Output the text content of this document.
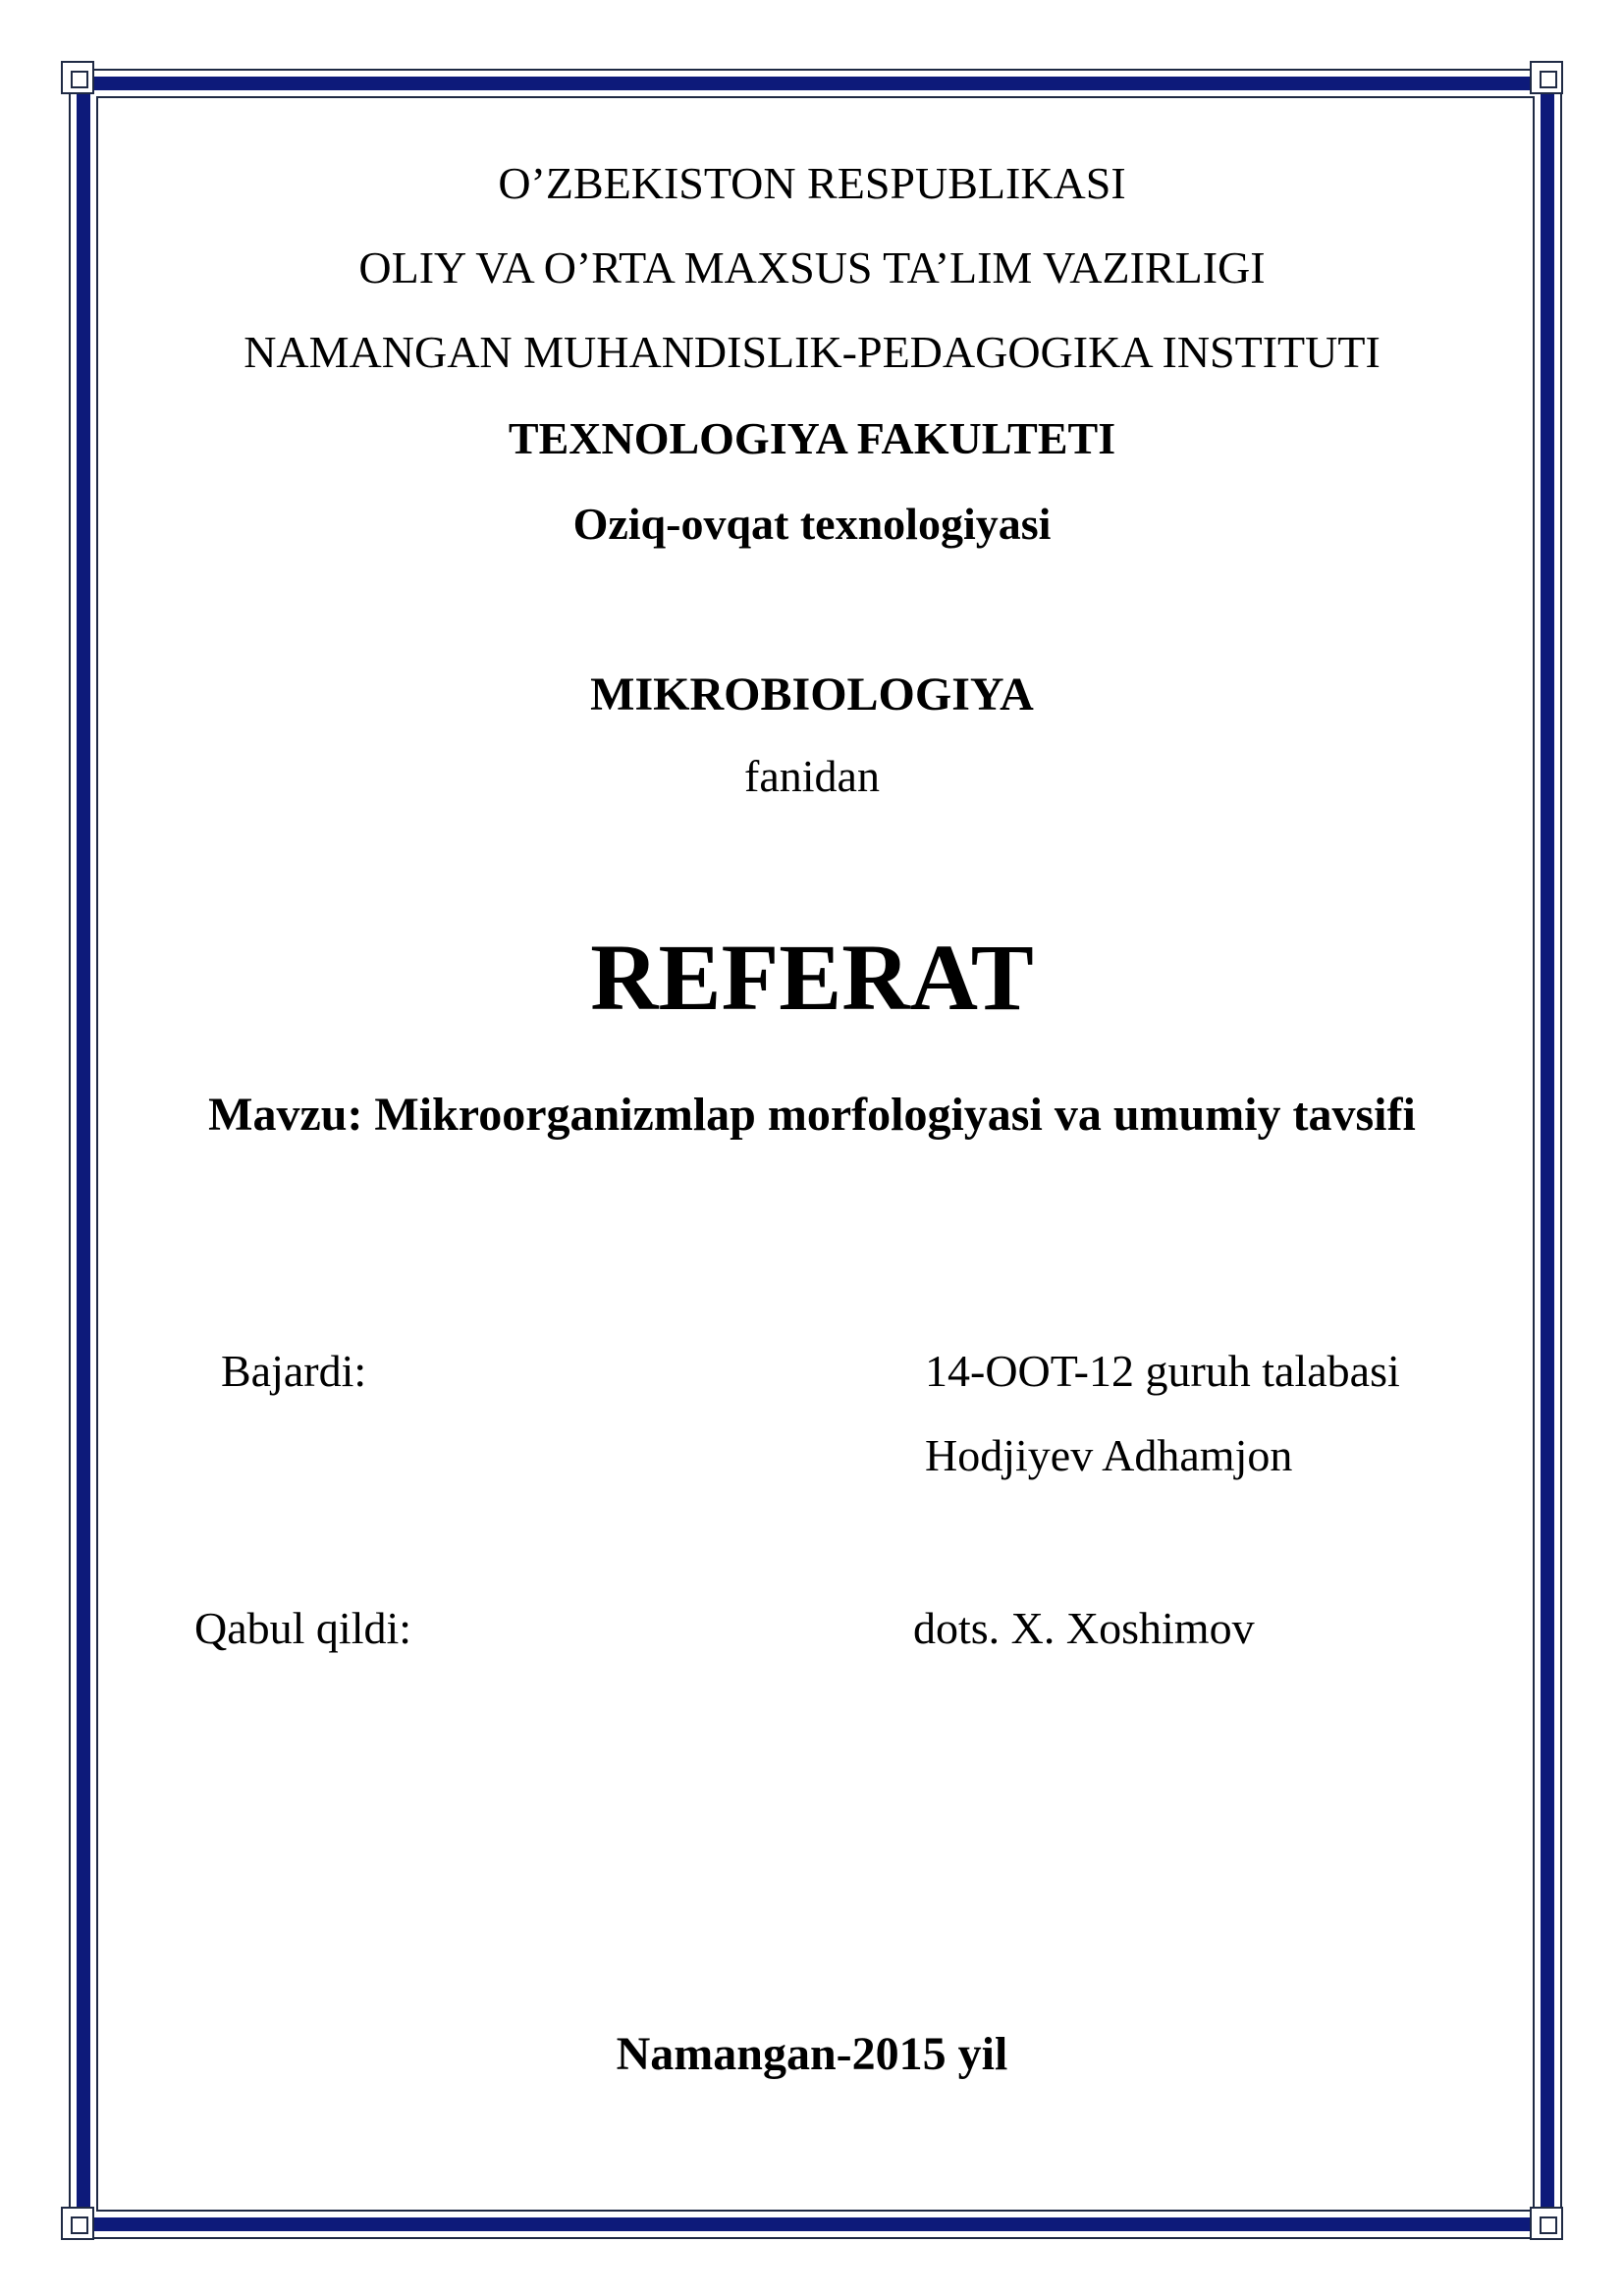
O’ZBEKISTON RESPUBLIKASI
OLIY VA O’RTA MAXSUS TA’LIM VAZIRLIGI
NAMANGAN MUHANDISLIK-PEDAGOGIKA INSTITUTI
TEXNOLOGIYA FAKULTETI
Oziq-ovqat texnologiyasi
MIKROBIOLOGIYA
fanidan
REFERAT
Mavzu: Mikroorganizmlap morfologiyasi va umumiy tavsifi
Bajardi:	14-OOT-12 guruh talabasi
Hodjiyev Adhamjon
Qabul qildi:	dots. X. Xoshimov
Namangan-2015 yil
